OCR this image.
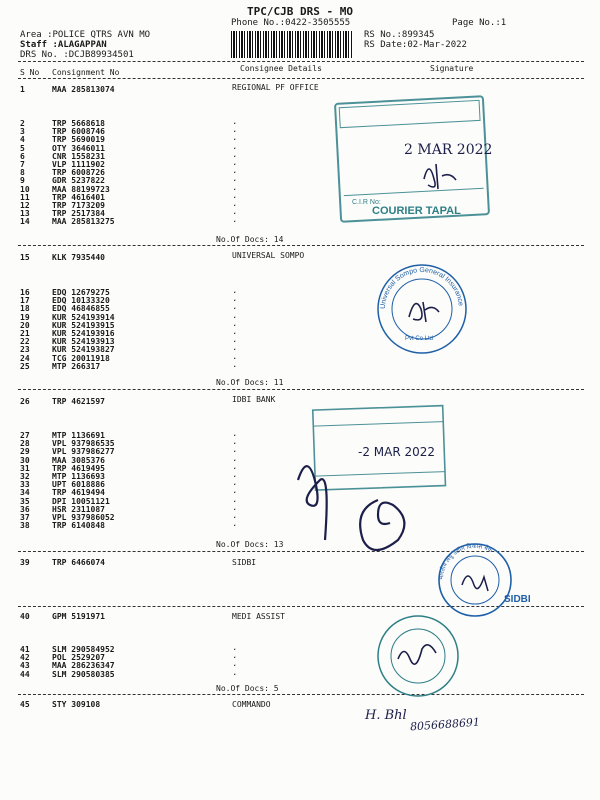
TPC/CJB DRS - MO
Phone No.:0422-3505555	Page No.:1
Area :POLICE QTRS AVN MO
Staff :ALAGAPPAN
DRS No. :DCJB89934501
RS No.:899345
RS Date:02-Mar-2022
S No Consignment No	Consignee Details	Signature
1	MAA 285813074	REGIONAL PF OFFICE
2	TRP 5668618	.
3	TRP 6008746	.
4	TRP 5690019	.
5	OTY 3646011	.
6	CNR 1558231	.
7	VLP 1111902	.
8	TRP 6008726	.
9	GDR 5237822	.
10	MAA 88199723	.
11	TRP 4616401	.
12	TRP 7173209	.
13	TRP 2517384	.
14	MAA 285813275	.
No.Of Docs: 14
15	KLK 7935440	UNIVERSAL SOMPO
16	EDQ 12679275	.
17	EDQ 10133320	.
18	EDQ 46846855	.
19	KUR 524193914	.
20	KUR 524193915	.
21	KUR 524193916	.
22	KUR 524193913	.
23	KUR 524193827	.
24	TCG 20011918	.
25	MTP 266317	.
No.Of Docs: 11
26	TRP 4621597	IDBI BANK
27	MTP 1136691	.
28	VPL 937986535	.
29	VPL 937986277	.
30	MAA 3085376	.
31	TRP 4619495	.
32	MTP 1136693	.
33	UPT 6018886	.
34	TRP 4619494	.
35	DPI 10051121	.
36	HSR 2311087	.
37	VPL 937986052	.
38	TRP 6140848	.
No.Of Docs: 13
39	TRP 6466074	SIDBI
40	GPM 5191971	MEDI ASSIST
41	SLM 290584952	.
42	POL 2529207	.
43	MAA 286236347	.
44	SLM 290580385	.
No.Of Docs: 5
45	STY 309108	COMMANDO
2 MAR 2022
C.I.R No:
COURIER TAPAL
Universal Sompo General Insurance
Pvt Co Ltd
-2 MAR 2022
भारतीय लघु उद्योग विकास बैंक
SIDBI
H. Bhl
8056688691
